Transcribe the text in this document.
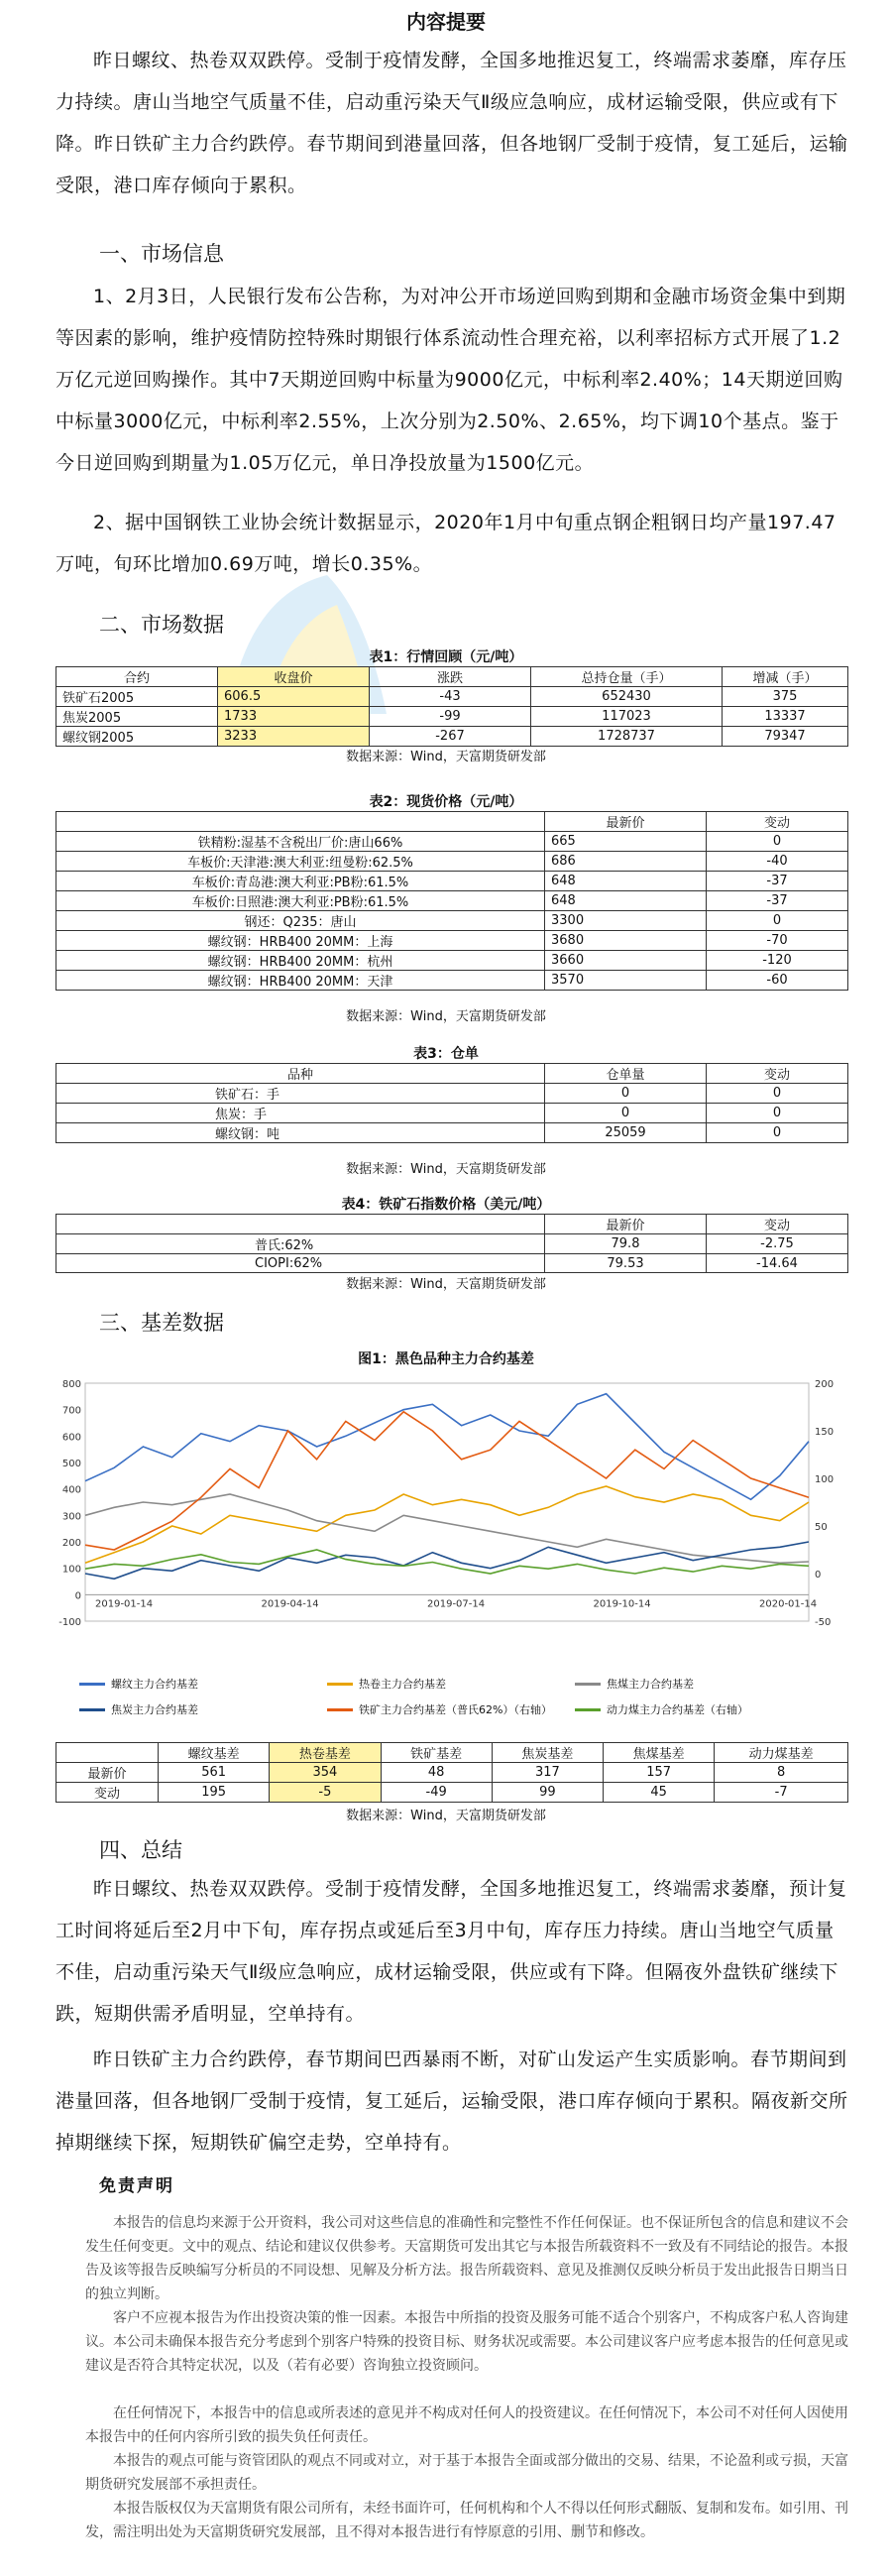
内容提要
昨日螺纹、热卷双双跌停。受制于疫情发酵，全国多地推迟复工，终端需求萎靡，库存压力持续。唐山当地空气质量不佳，启动重污染天气Ⅱ级应急响应，成材运输受限，供应或有下降。昨日铁矿主力合约跌停。春节期间到港量回落，但各地钢厂受制于疫情，复工延后，运输受限，港口库存倾向于累积。
一、市场信息
1、2月3日，人民银行发布公告称，为对冲公开市场逆回购到期和金融市场资金集中到期等因素的影响，维护疫情防控特殊时期银行体系流动性合理充裕，以利率招标方式开展了1.2万亿元逆回购操作。其中7天期逆回购中标量为9000亿元，中标利率2.40%；14天期逆回购中标量3000亿元，中标利率2.55%，上次分别为2.50%、2.65%，均下调10个基点。鉴于今日逆回购到期量为1.05万亿元，单日净投放量为1500亿元。
2、据中国钢铁工业协会统计数据显示，2020年1月中旬重点钢企粗钢日均产量197.47万吨，旬环比增加0.69万吨，增长0.35%。
二、市场数据
表1：行情回顾（元/吨）
合约	收盘价	涨跌	总持仓量（手）	增减（手）
铁矿石2005	606.5	-43	652430	375
焦炭2005	1733	-99	117023	13337
螺纹钢2005	3233	-267	1728737	79347
数据来源：Wind，天富期货研发部
表2：现货价格（元/吨）
	最新价	变动
铁精粉:湿基不含税出厂价:唐山66%	665	0
车板价:天津港:澳大利亚:纽曼粉:62.5%	686	-40
车板价:青岛港:澳大利亚:PB粉:61.5%	648	-37
车板价:日照港:澳大利亚:PB粉:61.5%	648	-37
钢还：Q235：唐山	3300	0
螺纹钢：HRB400 20MM：上海	3680	-70
螺纹钢：HRB400 20MM：杭州	3660	-120
螺纹钢：HRB400 20MM：天津	3570	-60
数据来源：Wind，天富期货研发部
表3：仓单
品种	仓单量	变动
铁矿石：手	0	0
焦炭：手	0	0
螺纹钢：吨	25059	0
数据来源：Wind，天富期货研发部
表4：铁矿石指数价格（美元/吨）
	最新价	变动
普氏:62%	79.8	-2.75
CIOPI:62%	79.53	-14.64
数据来源：Wind，天富期货研发部
三、基差数据
图1：黑色品种主力合约基差
-100
0
100
200
300
400
500
600
700
800
-50
0
50
100
150
200
2019-01-14	2019-04-14	2019-07-14	2019-10-14	2020-01-14
螺纹主力合约基差	热卷主力合约基差	焦煤主力合约基差
焦炭主力合约基差	铁矿主力合约基差（普氏62%）（右轴）	动力煤主力合约基差（右轴）
	螺纹基差	热卷基差	铁矿基差	焦炭基差	焦煤基差	动力煤基差
最新价	561	354	48	317	157	8
变动	195	-5	-49	99	45	-7
数据来源：Wind，天富期货研发部
四、总结
昨日螺纹、热卷双双跌停。受制于疫情发酵，全国多地推迟复工，终端需求萎靡，预计复工时间将延后至2月中下旬，库存拐点或延后至3月中旬，库存压力持续。唐山当地空气质量不佳，启动重污染天气Ⅱ级应急响应，成材运输受限，供应或有下降。但隔夜外盘铁矿继续下跌，短期供需矛盾明显，空单持有。
昨日铁矿主力合约跌停，春节期间巴西暴雨不断，对矿山发运产生实质影响。春节期间到港量回落，但各地钢厂受制于疫情，复工延后，运输受限，港口库存倾向于累积。隔夜新交所掉期继续下探，短期铁矿偏空走势，空单持有。
免责声明
本报告的信息均来源于公开资料，我公司对这些信息的准确性和完整性不作任何保证。也不保证所包含的信息和建议不会发生任何变更。文中的观点、结论和建议仅供参考。天富期货可发出其它与本报告所载资料不一致及有不同结论的报告。本报告及该等报告反映编写分析员的不同设想、见解及分析方法。报告所载资料、意见及推测仅反映分析员于发出此报告日期当日的独立判断。
客户不应视本报告为作出投资决策的惟一因素。本报告中所指的投资及服务可能不适合个别客户，不构成客户私人咨询建议。本公司未确保本报告充分考虑到个别客户特殊的投资目标、财务状况或需要。本公司建议客户应考虑本报告的任何意见或建议是否符合其特定状况，以及（若有必要）咨询独立投资顾问。
在任何情况下，本报告中的信息或所表述的意见并不构成对任何人的投资建议。在任何情况下，本公司不对任何人因使用本报告中的任何内容所引致的损失负任何责任。
本报告的观点可能与资管团队的观点不同或对立，对于基于本报告全面或部分做出的交易、结果，不论盈利或亏损，天富期货研究发展部不承担责任。
本报告版权仅为天富期货有限公司所有，未经书面许可，任何机构和个人不得以任何形式翻版、复制和发布。如引用、刊发，需注明出处为天富期货研究发展部，且不得对本报告进行有悖原意的引用、删节和修改。
